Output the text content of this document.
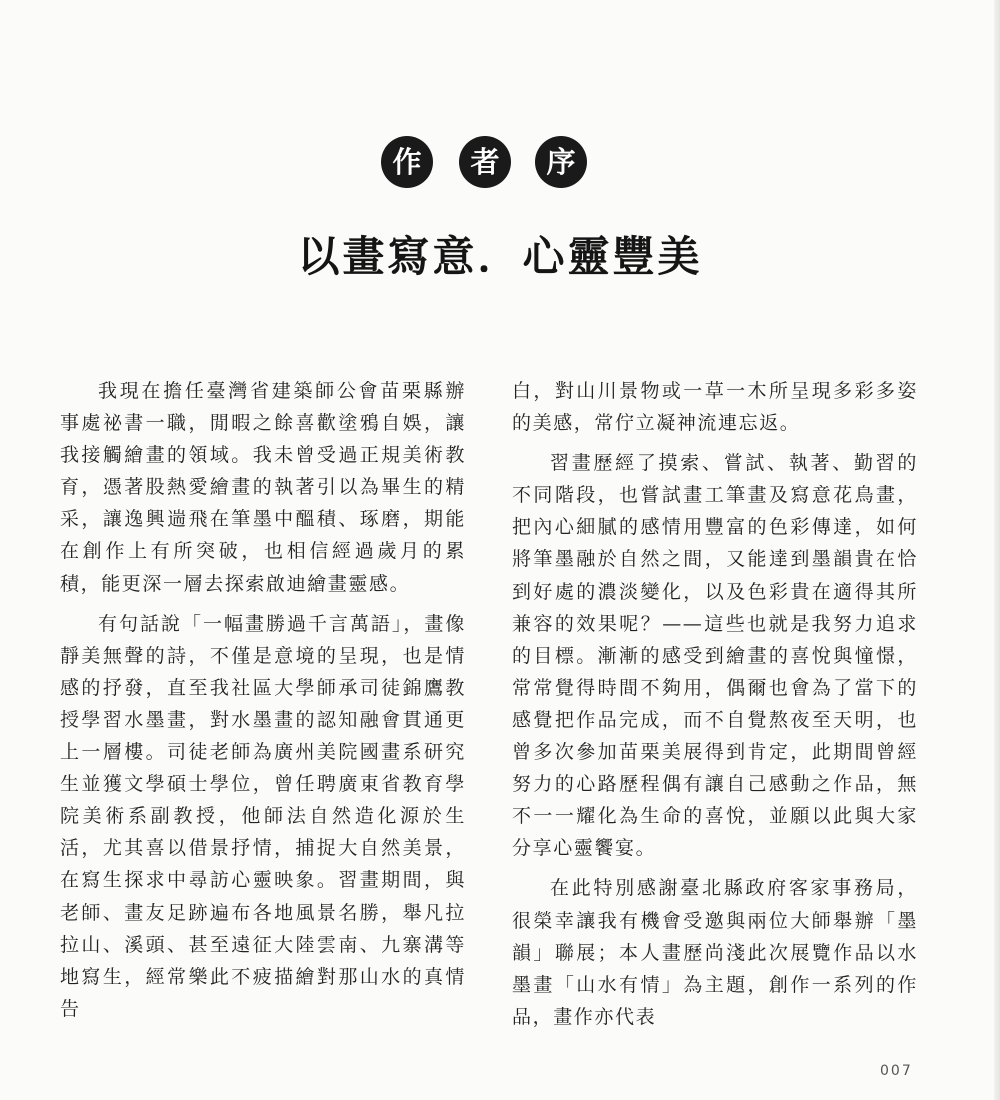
作	者	序
以畫寫意．心靈豐美

我現在擔任臺灣省建築師公會苗栗縣辦事處祕書一職，閒暇之餘喜歡塗鴉自娛，讓我接觸繪畫的領域。我未曾受過正規美術教育，憑著股熱愛繪畫的執著引以為畢生的精采，讓逸興遄飛在筆墨中醞積、琢磨，期能在創作上有所突破，也相信經過歲月的累積，能更深一層去探索啟迪繪畫靈感。

有句話說「一幅畫勝過千言萬語」，畫像靜美無聲的詩，不僅是意境的呈現，也是情感的抒發，直至我社區大學師承司徒錦鷹教授學習水墨畫，對水墨畫的認知融會貫通更上一層樓。司徒老師為廣州美院國畫系研究生並獲文學碩士學位，曾任聘廣東省教育學院美術系副教授，他師法自然造化源於生活，尤其喜以借景抒情，捕捉大自然美景，在寫生探求中尋訪心靈映象。習畫期間，與老師、畫友足跡遍布各地風景名勝，舉凡拉拉山、溪頭、甚至遠征大陸雲南、九寨溝等地寫生，經常樂此不疲描繪對那山水的真情告

白，對山川景物或一草一木所呈現多彩多姿的美感，常佇立凝神流連忘返。

習畫歷經了摸索、嘗試、執著、勤習的不同階段，也嘗試畫工筆畫及寫意花鳥畫，把內心細膩的感情用豐富的色彩傳達，如何將筆墨融於自然之間，又能達到墨韻貴在恰到好處的濃淡變化，以及色彩貴在適得其所兼容的效果呢？——這些也就是我努力追求的目標。漸漸的感受到繪畫的喜悅與憧憬，常常覺得時間不夠用，偶爾也會為了當下的感覺把作品完成，而不自覺熬夜至天明，也曾多次參加苗栗美展得到肯定，此期間曾經努力的心路歷程偶有讓自己感動之作品，無不一一耀化為生命的喜悅，並願以此與大家分享心靈饗宴。

在此特別感謝臺北縣政府客家事務局，很榮幸讓我有機會受邀與兩位大師舉辦「墨韻」聯展；本人畫歷尚淺此次展覽作品以水墨畫「山水有情」為主題，創作一系列的作品，畫作亦代表

007
